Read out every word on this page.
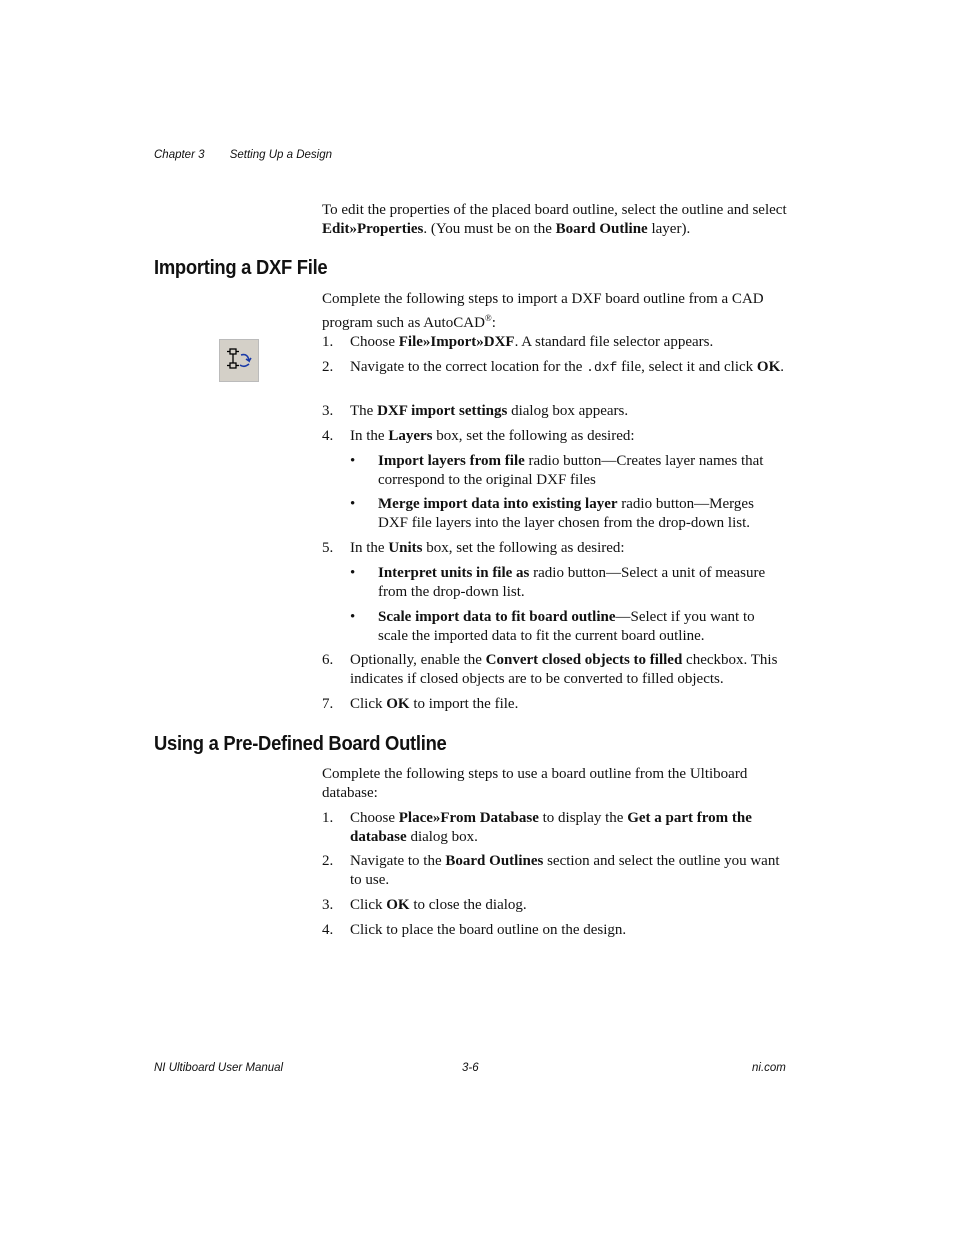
Chapter 3 Setting Up a Design
To edit the properties of the placed board outline, select the outline and select Edit»Properties. (You must be on the Board Outline layer).
Importing a DXF File
Complete the following steps to import a DXF board outline from a CAD program such as AutoCAD®:
1. Choose File»Import»DXF. A standard file selector appears.
2. Navigate to the correct location for the .dxf file, select it and click OK.
3. The DXF import settings dialog box appears.
4. In the Layers box, set the following as desired:
• Import layers from file radio button—Creates layer names that correspond to the original DXF files
• Merge import data into existing layer radio button—Merges DXF file layers into the layer chosen from the drop-down list.
5. In the Units box, set the following as desired:
• Interpret units in file as radio button—Select a unit of measure from the drop-down list.
• Scale import data to fit board outline—Select if you want to scale the imported data to fit the current board outline.
6. Optionally, enable the Convert closed objects to filled checkbox. This indicates if closed objects are to be converted to filled objects.
7. Click OK to import the file.
Using a Pre-Defined Board Outline
Complete the following steps to use a board outline from the Ultiboard database:
1. Choose Place»From Database to display the Get a part from the database dialog box.
2. Navigate to the Board Outlines section and select the outline you want to use.
3. Click OK to close the dialog.
4. Click to place the board outline on the design.
NI Ultiboard User Manual	3-6	ni.com
